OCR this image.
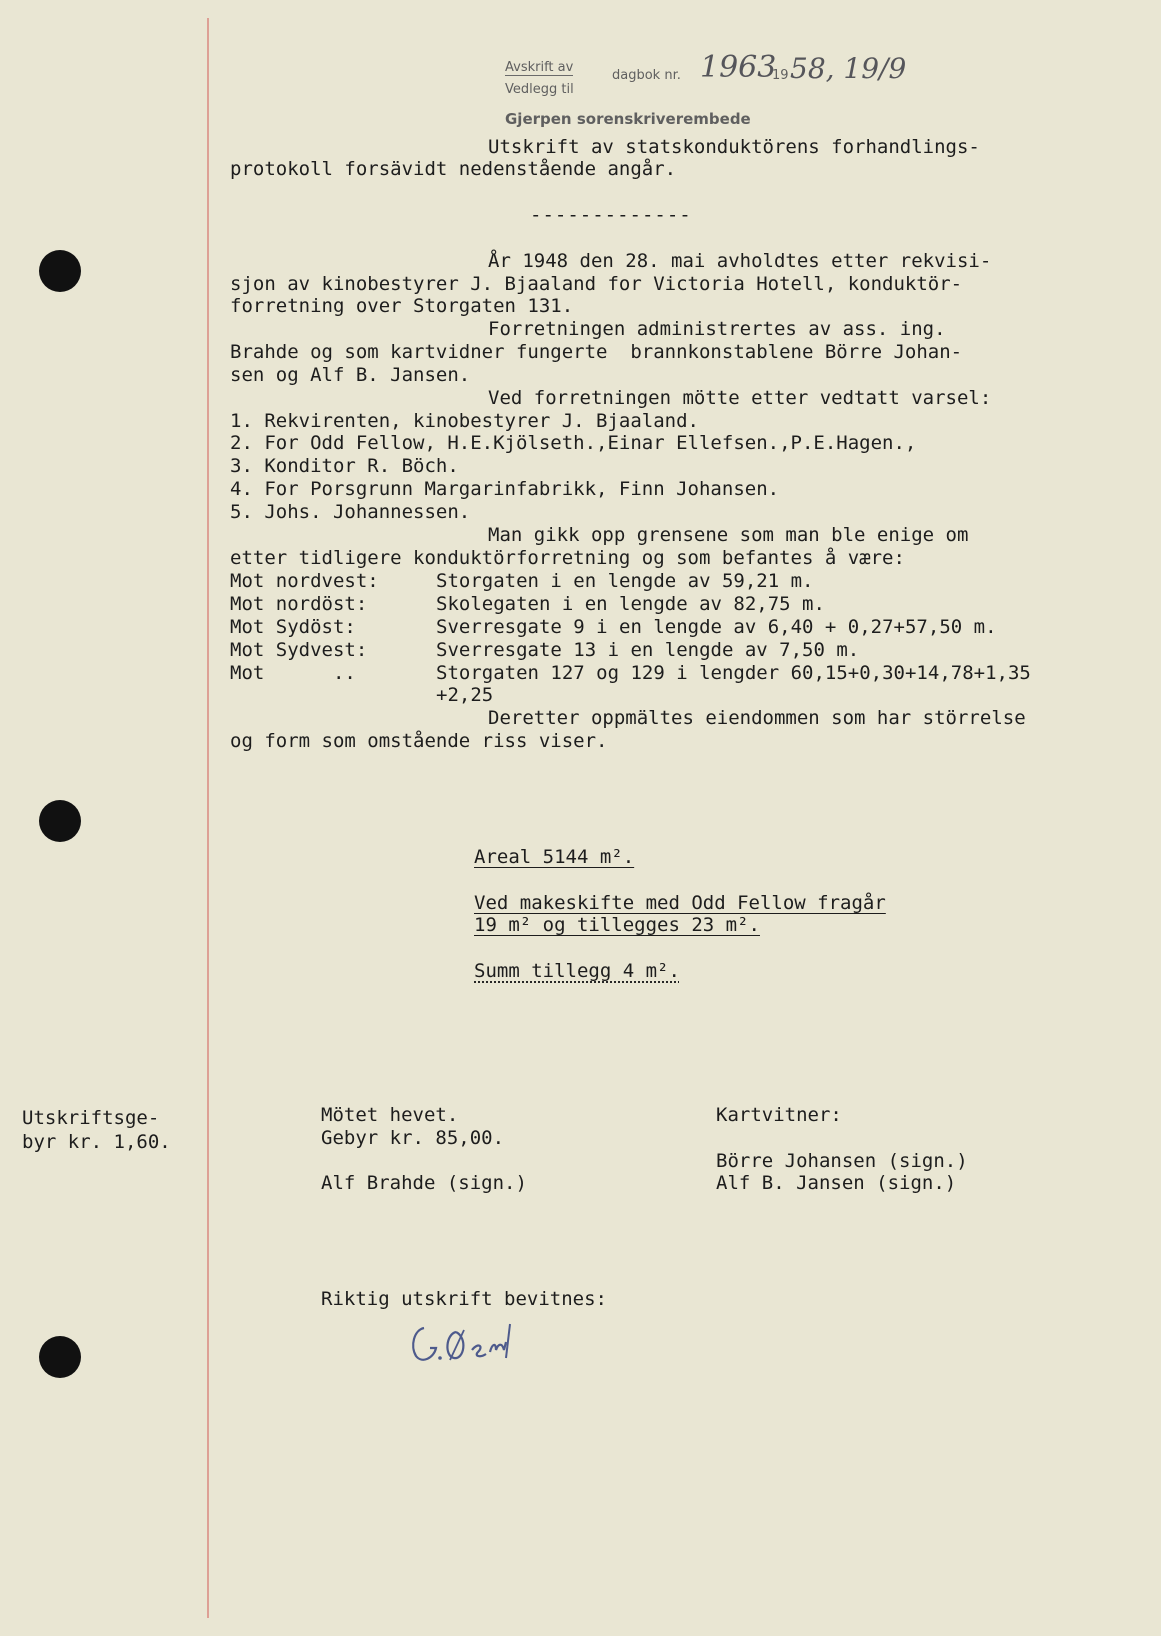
Avskrift av
Vedlegg til
dagbok nr. 1963
19 58, 19/9
Gjerpen sorenskriverembede
Utskrift av statskonduktörens forhandlings-
protokoll forsävidt nedenstående angår.
-------------
År 1948 den 28. mai avholdtes etter rekvisi-
sjon av kinobestyrer J. Bjaaland for Victoria Hotell, konduktör-
forretning over Storgaten 131.
Forretningen administrertes av ass. ing.
Brahde og som kartvidner fungerte  brannkonstablene Börre Johan-
sen og Alf B. Jansen.
Ved forretningen mötte etter vedtatt varsel:
1. Rekvirenten, kinobestyrer J. Bjaaland.
2. For Odd Fellow, H.E.Kjölseth.,Einar Ellefsen.,P.E.Hagen.,
3. Konditor R. Böch.
4. For Porsgrunn Margarinfabrikk, Finn Johansen.
5. Johs. Johannessen.
Man gikk opp grensene som man ble enige om
etter tidligere konduktörforretning og som befantes å være:
Mot nordvest:	Storgaten i en lengde av 59,21 m.
Mot nordöst:	Skolegaten i en lengde av 82,75 m.
Mot Sydöst:	Sverresgate 9 i en lengde av 6,40 + 0,27+57,50 m.
Mot Sydvest:	Sverresgate 13 i en lengde av 7,50 m.
Mot      ..	Storgaten 127 og 129 i lengder 60,15+0,30+14,78+1,35
+2,25
Deretter oppmältes eiendommen som har störrelse
og form som omstående riss viser.
Areal 5144 m².
Ved makeskifte med Odd Fellow fragår
19 m² og tillegges 23 m².
Summ tillegg 4 m².
Utskriftsge-
byr kr. 1,60.
Mötet hevet.
Gebyr kr. 85,00.
Alf Brahde (sign.)
Kartvitner:
Börre Johansen (sign.)
Alf B. Jansen (sign.)
Riktig utskrift bevitnes:
